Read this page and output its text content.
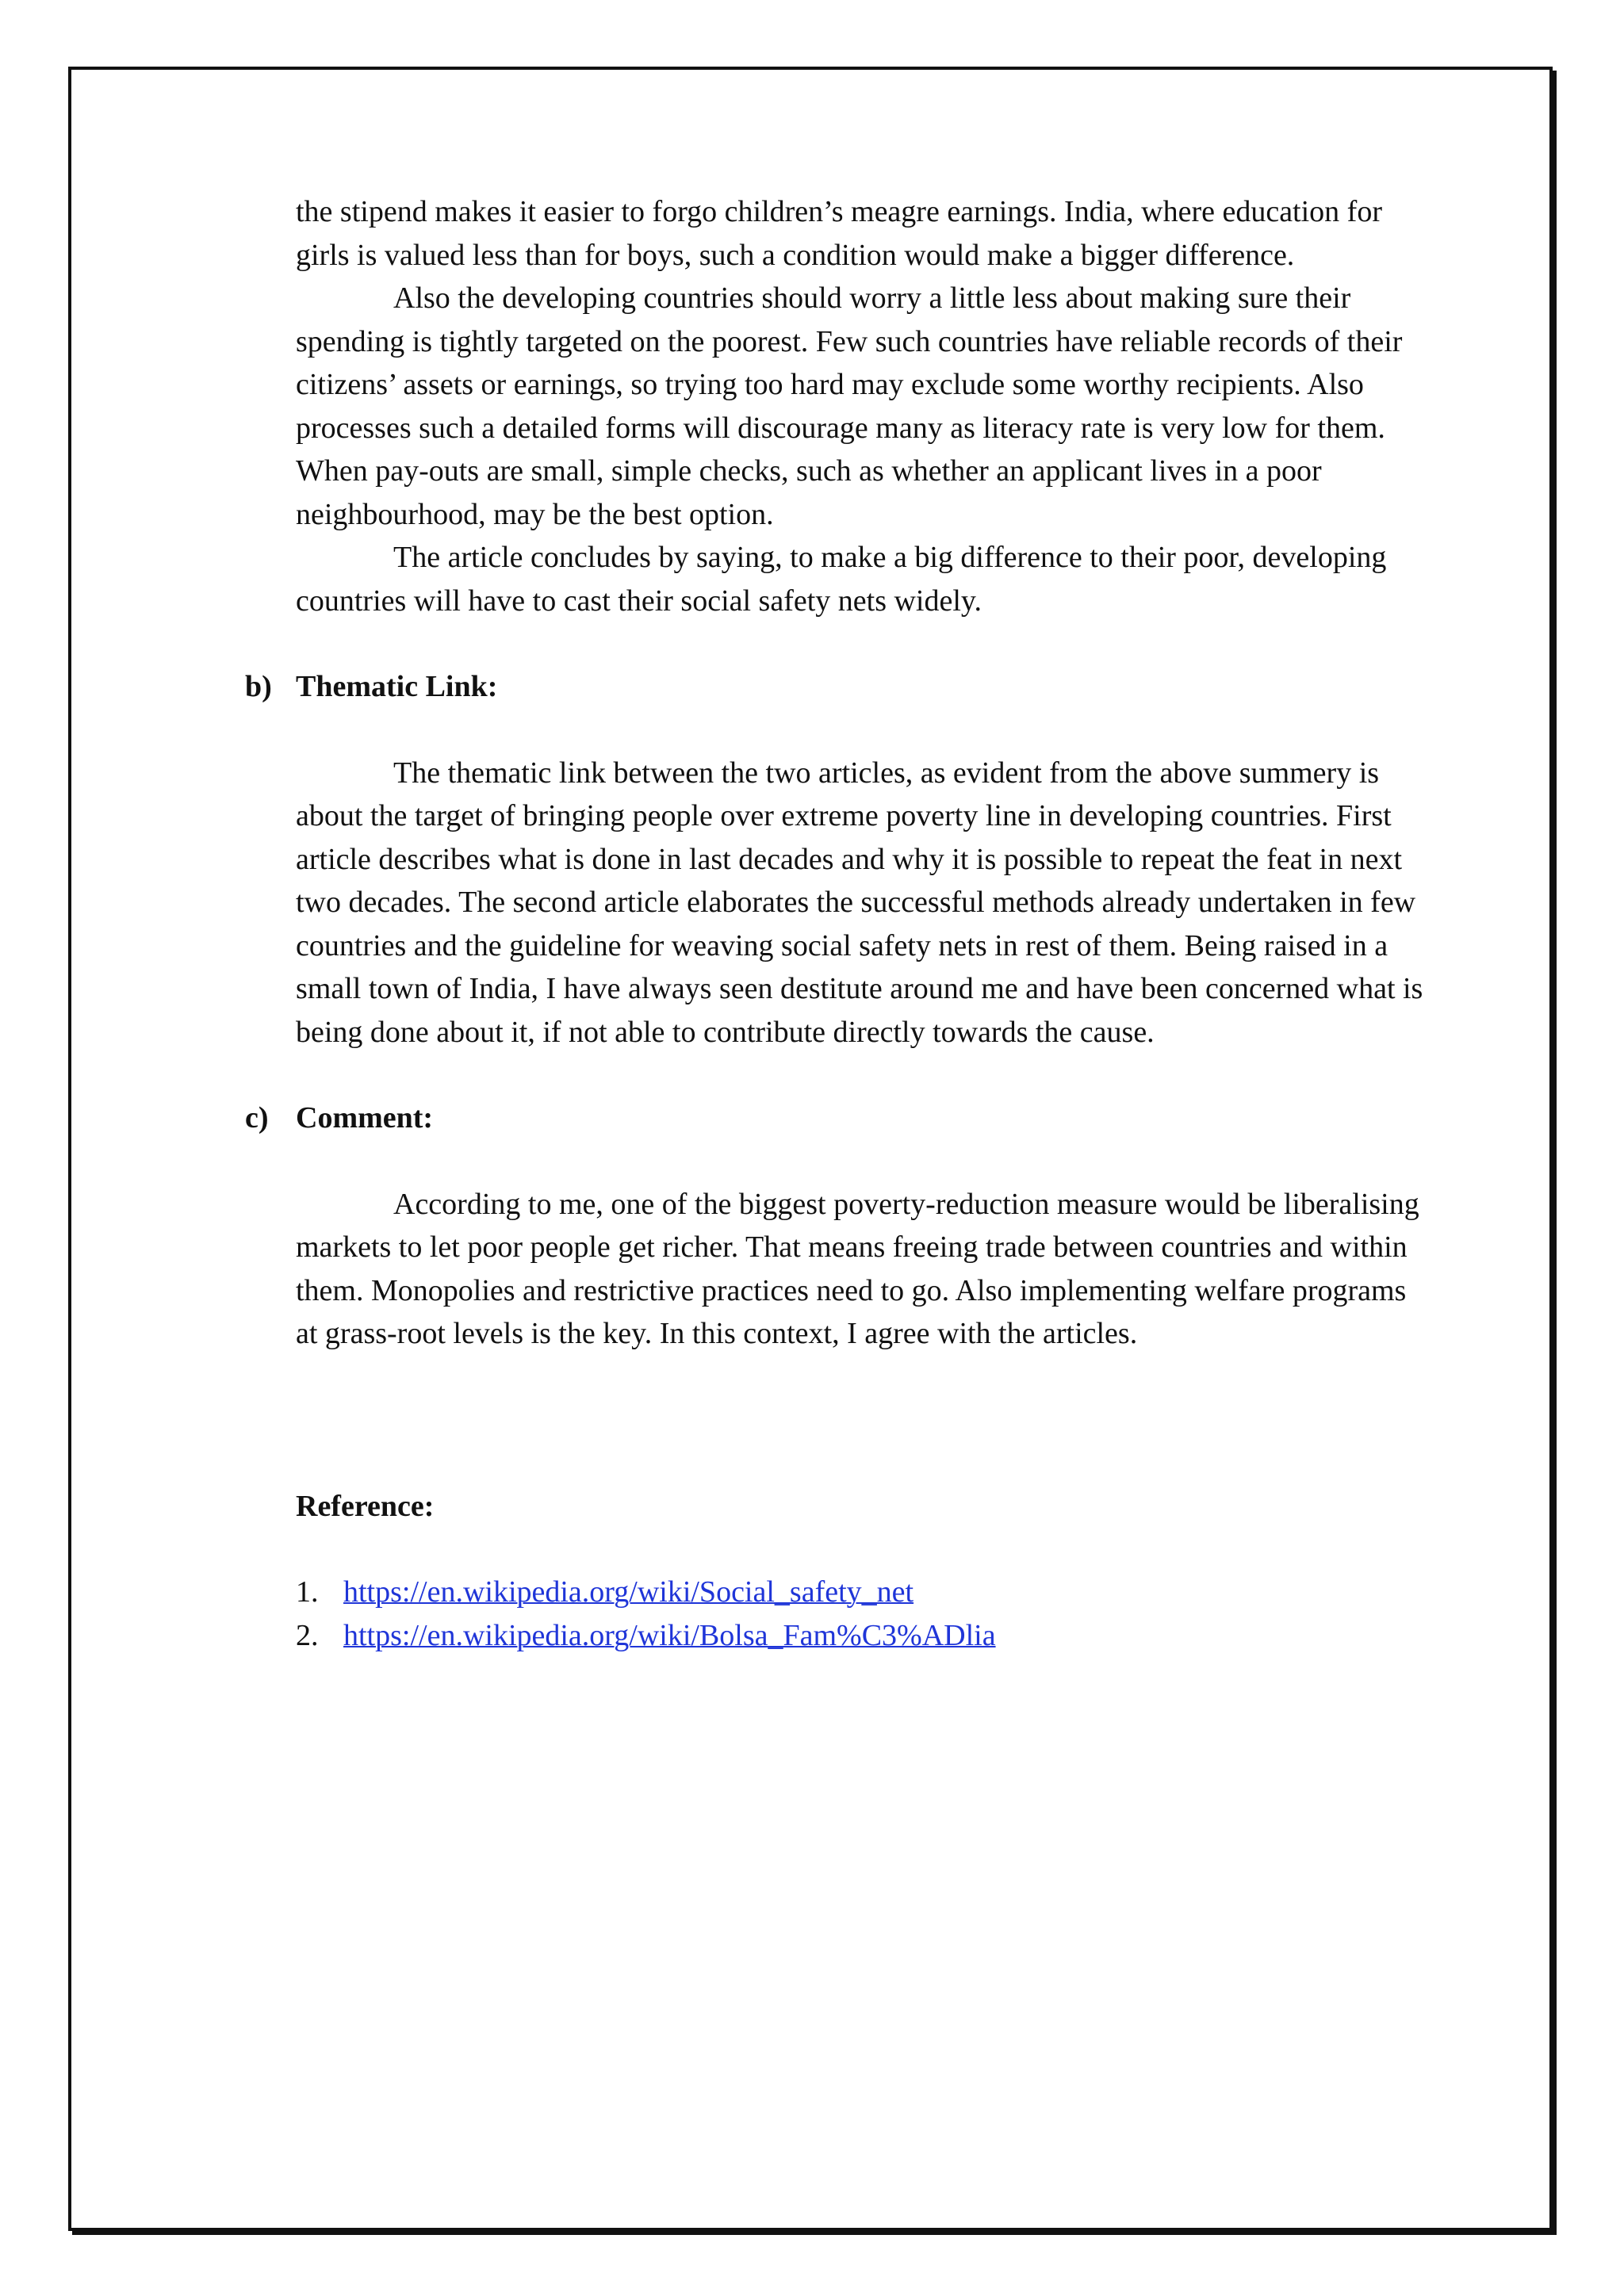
the stipend makes it easier to forgo children’s meagre earnings. India, where education for girls is valued less than for boys, such a condition would make a bigger difference.

Also the developing countries should worry a little less about making sure their spending is tightly targeted on the poorest. Few such countries have reliable records of their citizens’ assets or earnings, so trying too hard may exclude some worthy recipients. Also processes such a detailed forms will discourage many as literacy rate is very low for them. When pay-outs are small, simple checks, such as whether an applicant lives in a poor neighbourhood, may be the best option.

The article concludes by saying, to make a big difference to their poor, developing countries will have to cast their social safety nets widely.

b) Thematic Link:

The thematic link between the two articles, as evident from the above summery is about the target of bringing people over extreme poverty line in developing countries. First article describes what is done in last decades and why it is possible to repeat the feat in next two decades. The second article elaborates the successful methods already undertaken in few countries and the guideline for weaving social safety nets in rest of them. Being raised in a small town of India, I have always seen destitute around me and have been concerned what is being done about it, if not able to contribute directly towards the cause.

c) Comment:

According to me, one of the biggest poverty-reduction measure would be liberalising markets to let poor people get richer. That means freeing trade between countries and within them. Monopolies and restrictive practices need to go. Also implementing welfare programs at grass-root levels is the key. In this context, I agree with the articles.

Reference:
1. https://en.wikipedia.org/wiki/Social_safety_net
2. https://en.wikipedia.org/wiki/Bolsa_Fam%C3%ADlia
